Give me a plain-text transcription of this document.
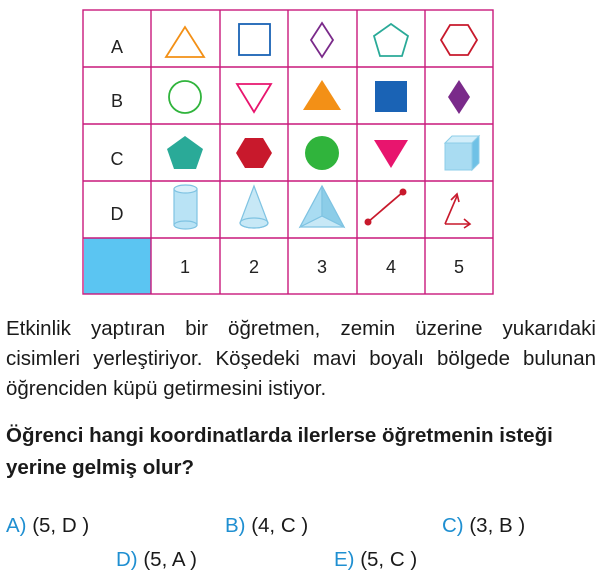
A
B
C
D
1	2	3	4	5
Etkinlik yaptıran bir öğretmen, zemin üzerine yukarıdaki
cisimleri yerleştiriyor. Köşedeki mavi boyalı bölgede bulunan
öğrenciden küpü getirmesini istiyor.
Öğrenci hangi koordinatlarda ilerlerse öğretmenin isteği
yerine gelmiş olur?
A) (5, D )	B) (4, C )	C) (3, B )
D) (5, A )	E) (5, C )
